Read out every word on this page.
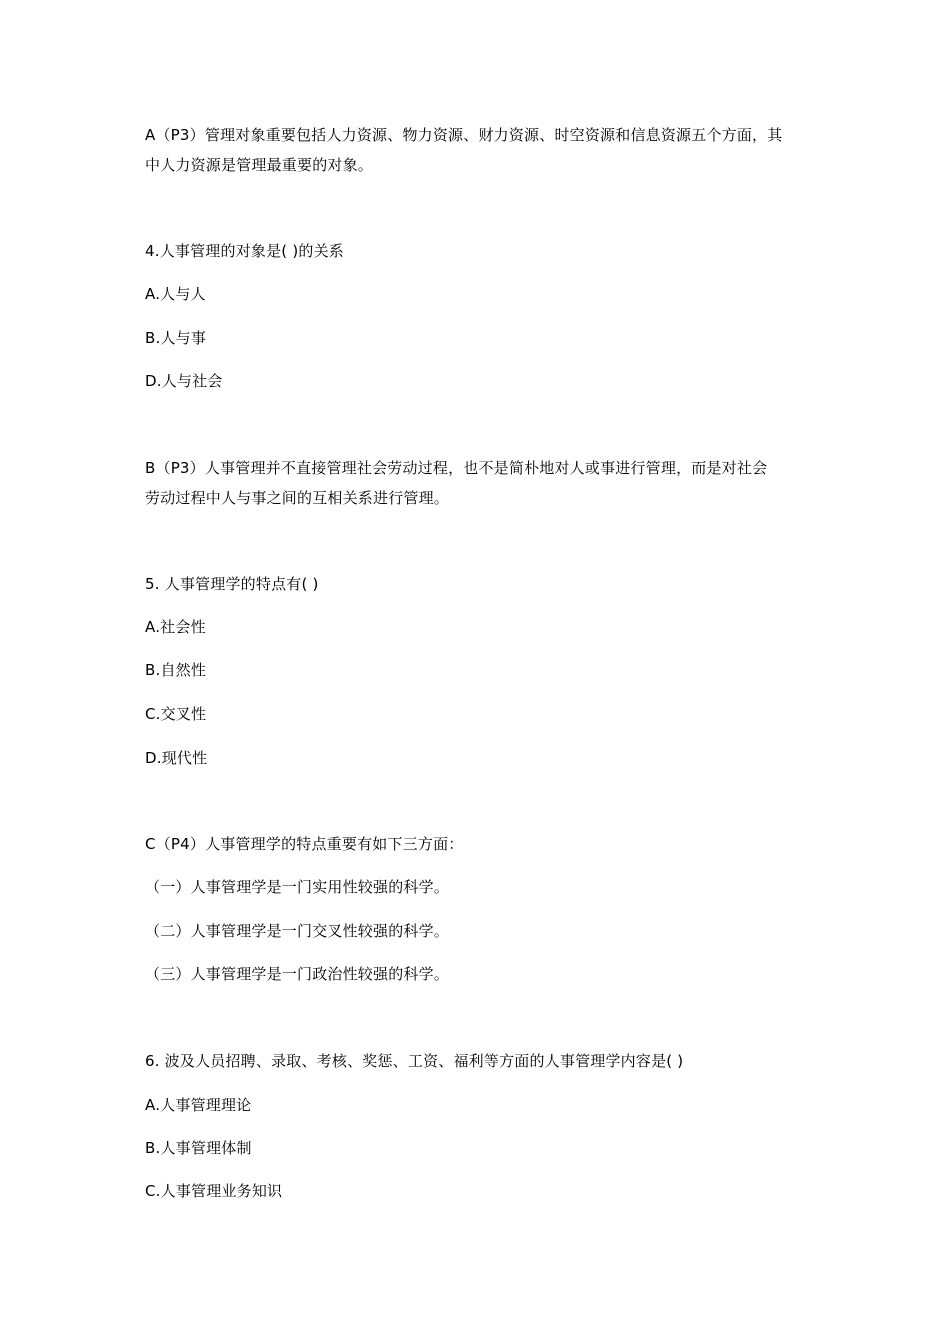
A（P3）管理对象重要包括人力资源、物力资源、财力资源、时空资源和信息资源五个方面，其
中人力资源是管理最重要的对象。
4.人事管理的对象是( )的关系
A.人与人
B.人与事
D.人与社会
B（P3）人事管理并不直接管理社会劳动过程，也不是简朴地对人或事进行管理，而是对社会
劳动过程中人与事之间的互相关系进行管理。
5. 人事管理学的特点有( )
A.社会性
B.自然性
C.交叉性
D.现代性
C（P4）人事管理学的特点重要有如下三方面：
（一）人事管理学是一门实用性较强的科学。
（二）人事管理学是一门交叉性较强的科学。
（三）人事管理学是一门政治性较强的科学。
6. 波及人员招聘、录取、考核、奖惩、工资、福利等方面的人事管理学内容是( )
A.人事管理理论
B.人事管理体制
C.人事管理业务知识
